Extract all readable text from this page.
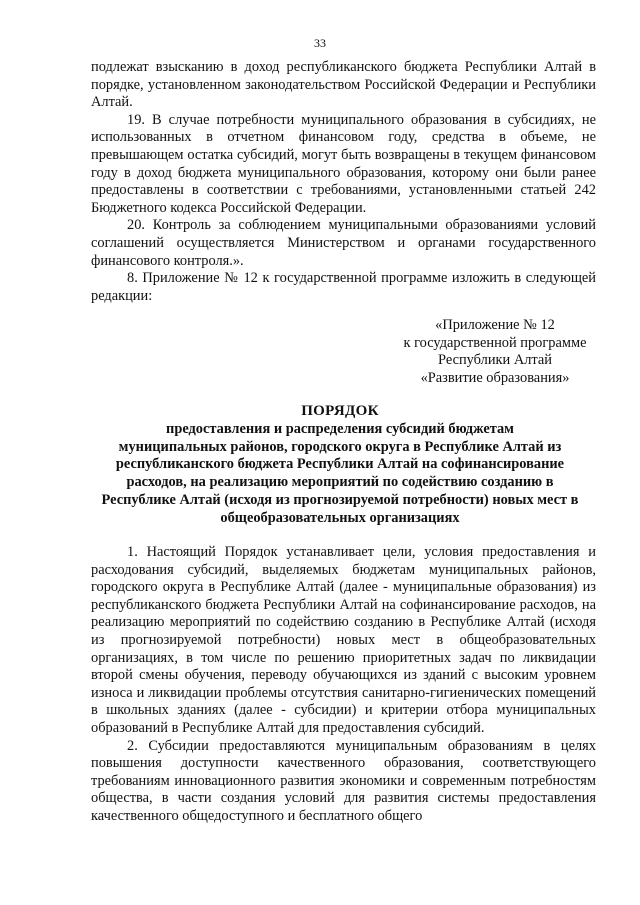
33

подлежат взысканию в доход республиканского бюджета Республики Алтай в порядке, установленном законодательством Российской Федерации и Республики Алтай.

19. В случае потребности муниципального образования в субсидиях, не использованных в отчетном финансовом году, средства в объеме, не превышающем остатка субсидий, могут быть возвращены в текущем финансовом году в доход бюджета муниципального образования, которому они были ранее предоставлены в соответствии с требованиями, установленными статьей 242 Бюджетного кодекса Российской Федерации.

20. Контроль за соблюдением муниципальными образованиями условий соглашений осуществляется Министерством и органами государственного финансового контроля.».

8. Приложение № 12 к государственной программе изложить в следующей редакции:

«Приложение № 12
к государственной программе
Республики Алтай
«Развитие образования»
ПОРЯДОК
предоставления и распределения субсидий бюджетам
муниципальных районов, городского округа в Республике Алтай из
республиканского бюджета Республики Алтай на софинансирование
расходов, на реализацию мероприятий по содействию созданию в
Республике Алтай (исходя из прогнозируемой потребности) новых мест в
общеобразовательных организациях

1. Настоящий Порядок устанавливает цели, условия предоставления и расходования субсидий, выделяемых бюджетам муниципальных районов, городского округа в Республике Алтай (далее - муниципальные образования) из республиканского бюджета Республики Алтай на софинансирование расходов, на реализацию мероприятий по содействию созданию в Республике Алтай (исходя из прогнозируемой потребности) новых мест в общеобразовательных организациях, в том числе по решению приоритетных задач по ликвидации второй смены обучения, переводу обучающихся из зданий с высоким уровнем износа и ликвидации проблемы отсутствия санитарно-гигиенических помещений в школьных зданиях (далее - субсидии) и критерии отбора муниципальных образований в Республике Алтай для предоставления субсидий.

2. Субсидии предоставляются муниципальным образованиям в целях повышения доступности качественного образования, соответствующего требованиям инновационного развития экономики и современным потребностям общества, в части создания условий для развития системы предоставления качественного общедоступного и бесплатного общего
